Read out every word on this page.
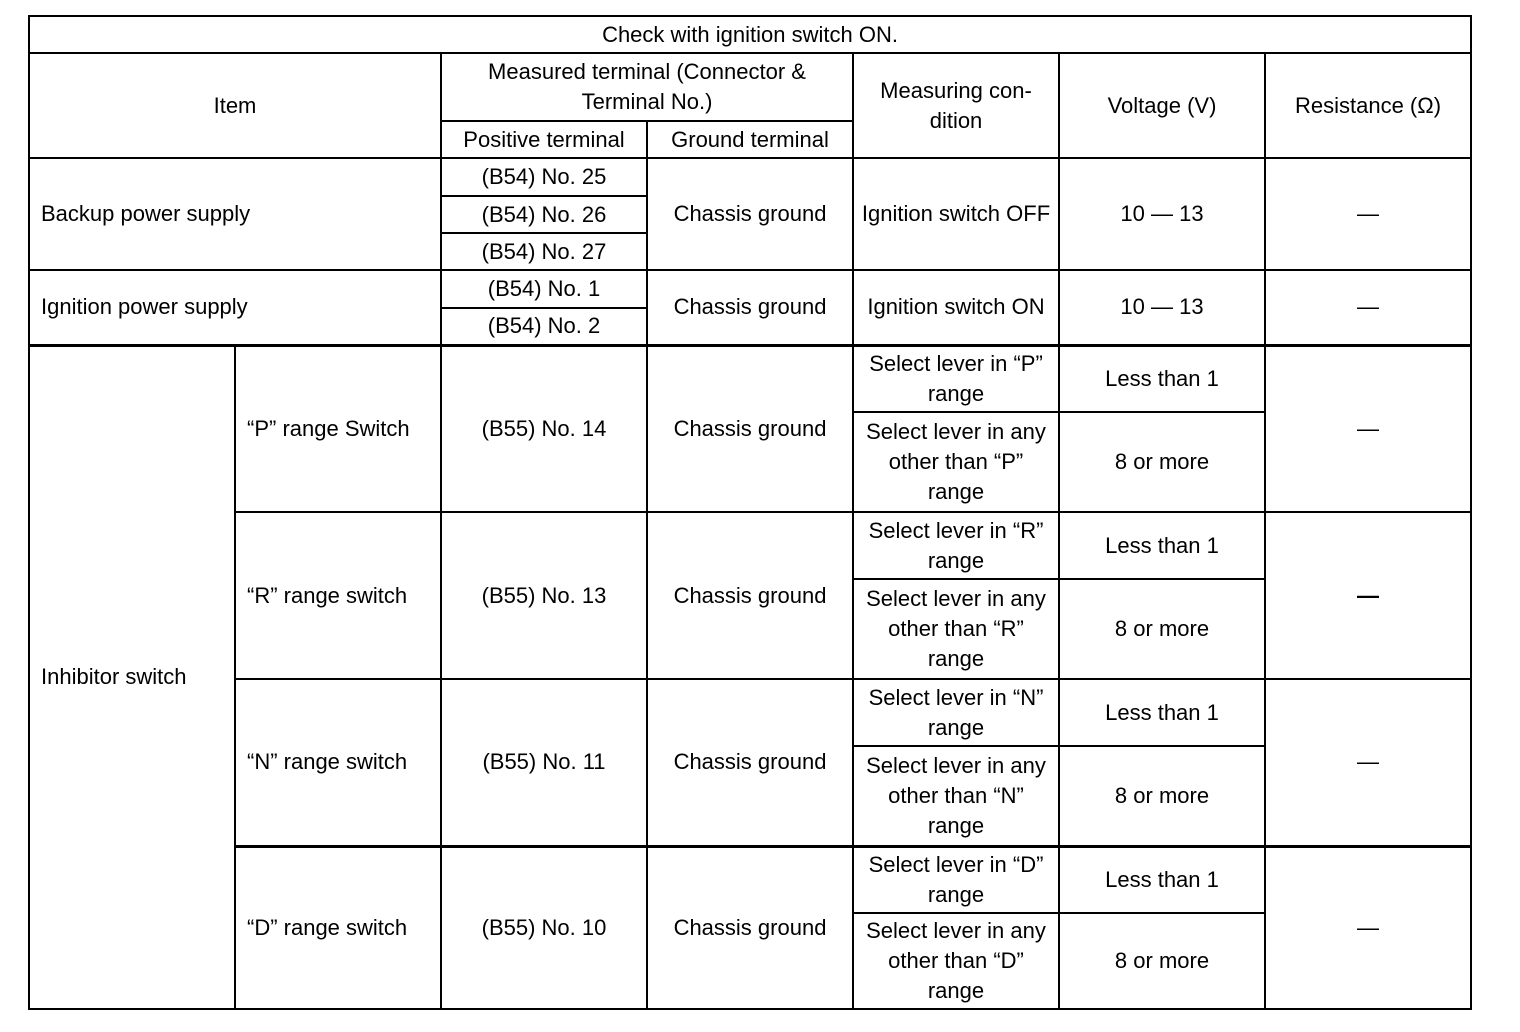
Check with ignition switch ON.						
Item		Measured terminal (Connector & Terminal No.)		Measuring con-dition	Voltage (V)	Resistance (Ω)
		Positive terminal	Ground terminal			
Backup power supply		(B54) No. 25	Chassis ground	Ignition switch OFF	10 — 13	—
		(B54) No. 26				
		(B54) No. 27				
Ignition power supply		(B54) No. 1	Chassis ground	Ignition switch ON	10 — 13	—
		(B54) No. 2				
Inhibitor switch	“P” range Switch	(B55) No. 14	Chassis ground	Select lever in “P” range	Less than 1	—
				Select lever in any other than “P” range	8 or more	
	“R” range switch	(B55) No. 13	Chassis ground	Select lever in “R” range	Less than 1	—
				Select lever in any other than “R” range	8 or more	
	“N” range switch	(B55) No. 11	Chassis ground	Select lever in “N” range	Less than 1	—
				Select lever in any other than “N” range	8 or more	
	“D” range switch	(B55) No. 10	Chassis ground	Select lever in “D” range	Less than 1	—
				Select lever in any other than “D” range	8 or more	
